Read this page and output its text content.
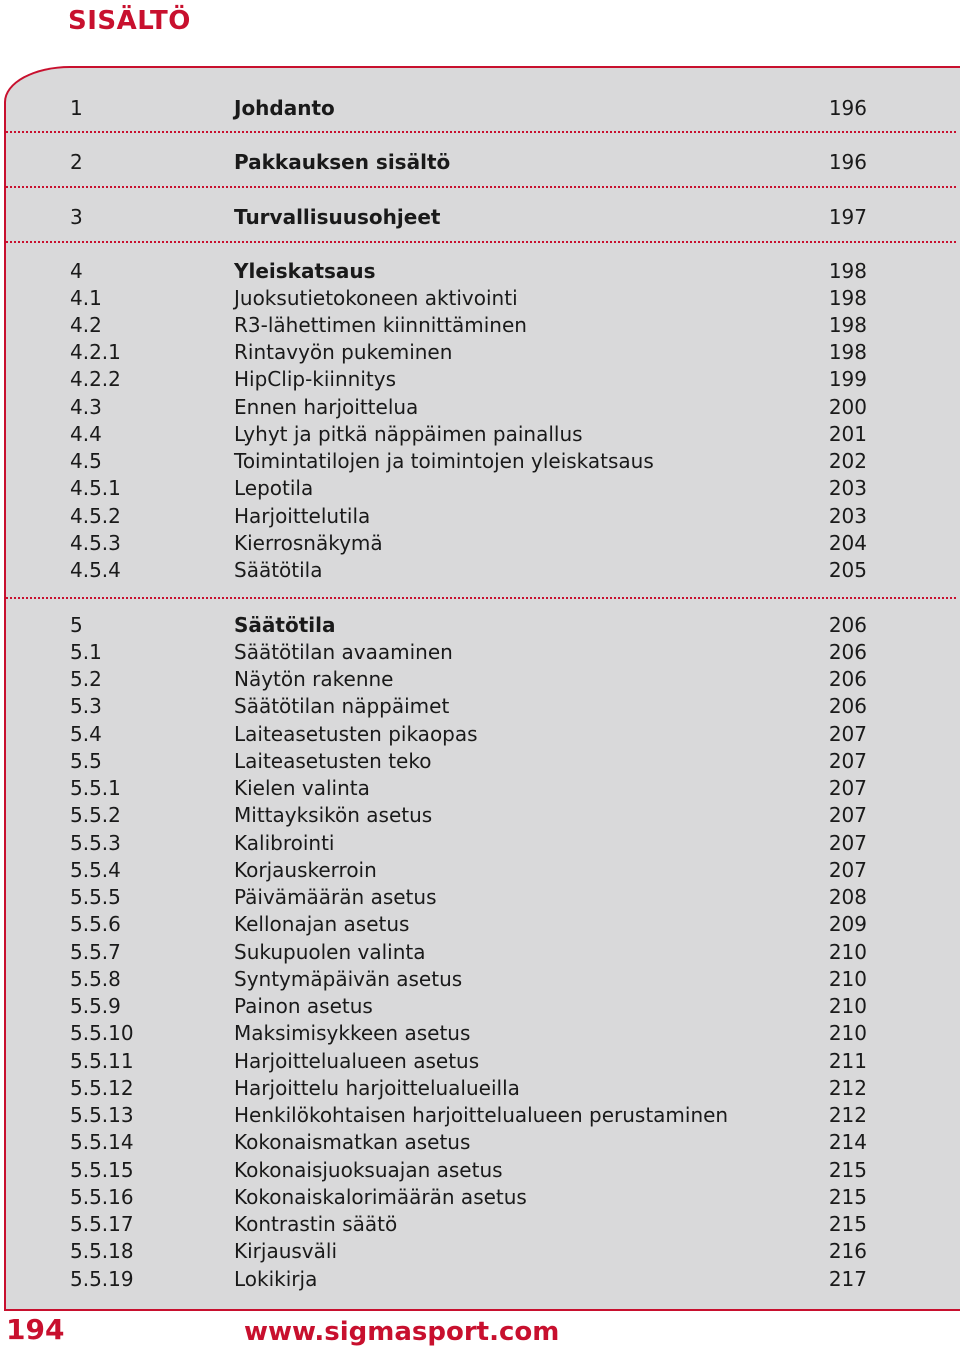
SISÄLTÖ
1	Johdanto	196
2	Pakkauksen sisältö	196
3	Turvallisuusohjeet	197
4	Yleiskatsaus	198
4.1	Juoksutietokoneen aktivointi	198
4.2	R3-lähettimen kiinnittäminen	198
4.2.1	Rintavyön pukeminen	198
4.2.2	HipClip-kiinnitys	199
4.3	Ennen harjoittelua	200
4.4	Lyhyt ja pitkä näppäimen painallus	201
4.5	Toimintatilojen ja toimintojen yleiskatsaus	202
4.5.1	Lepotila	203
4.5.2	Harjoittelutila	203
4.5.3	Kierrosnäkymä	204
4.5.4	Säätötila	205
5	Säätötila	206
5.1	Säätötilan avaaminen	206
5.2	Näytön rakenne	206
5.3	Säätötilan näppäimet	206
5.4	Laiteasetusten pikaopas	207
5.5	Laiteasetusten teko	207
5.5.1	Kielen valinta	207
5.5.2	Mittayksikön asetus	207
5.5.3	Kalibrointi	207
5.5.4	Korjauskerroin	207
5.5.5	Päivämäärän asetus	208
5.5.6	Kellonajan asetus	209
5.5.7	Sukupuolen valinta	210
5.5.8	Syntymäpäivän asetus	210
5.5.9	Painon asetus	210
5.5.10	Maksimisykkeen asetus	210
5.5.11	Harjoittelualueen asetus	211
5.5.12	Harjoittelu harjoittelualueilla	212
5.5.13	Henkilökohtaisen harjoittelualueen perustaminen	212
5.5.14	Kokonaismatkan asetus	214
5.5.15	Kokonaisjuoksuajan asetus	215
5.5.16	Kokonaiskalorimäärän asetus	215
5.5.17	Kontrastin säätö	215
5.5.18	Kirjausväli	216
5.5.19	Lokikirja	217
194	www.sigmasport.com
